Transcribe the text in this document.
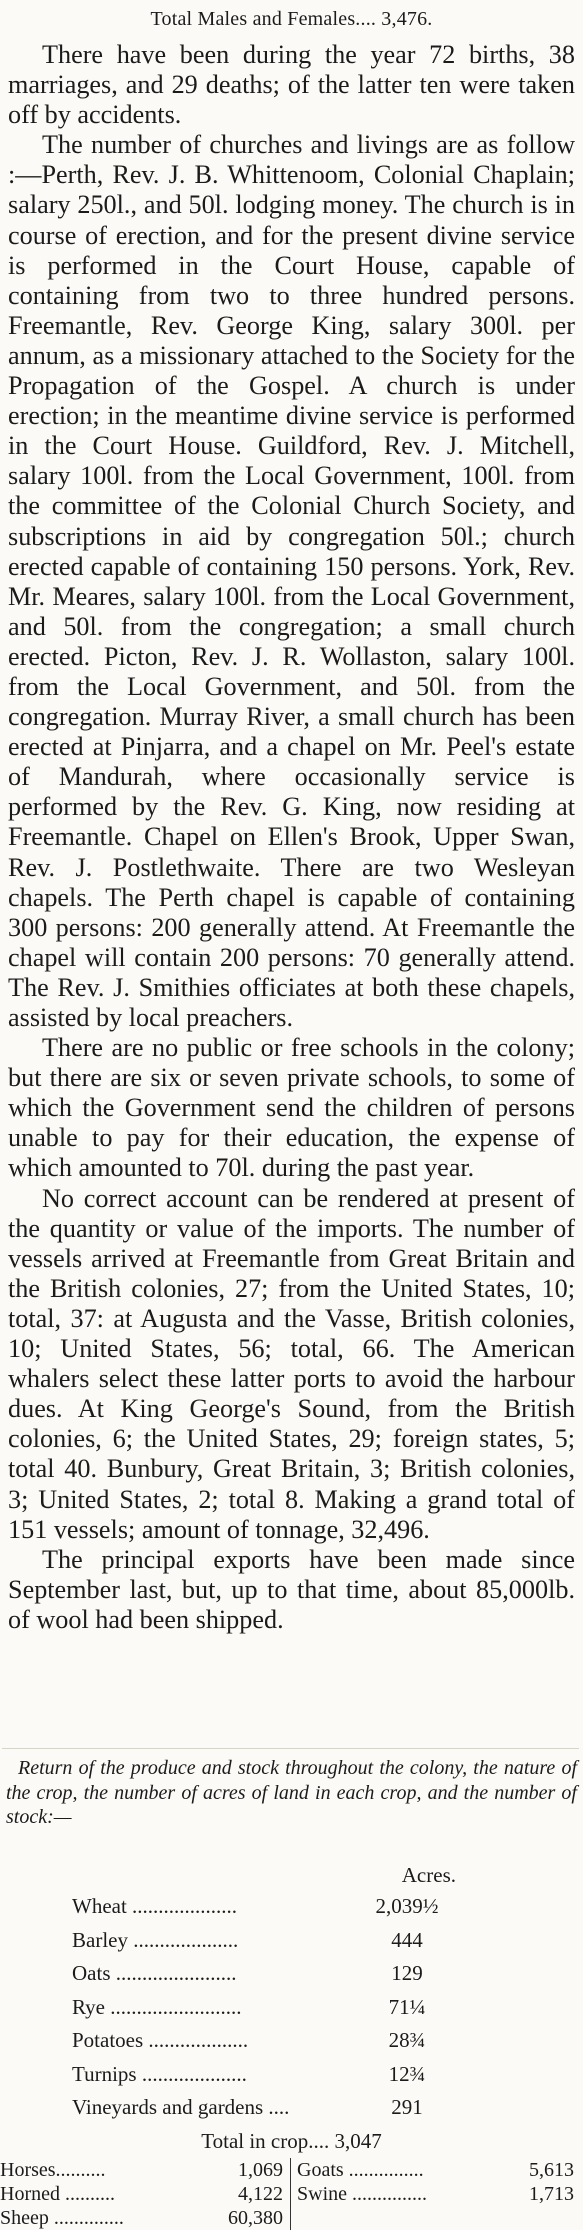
Total Males and Females.... 3,476.

There have been during the year 72 births, 38 marriages, and 29 deaths; of the latter ten were taken off by accidents.

The number of churches and livings are as follow :—Perth, Rev. J. B. Whittenoom, Colonial Chaplain; salary 250l., and 50l. lodging money. The church is in course of erection, and for the present divine service is performed in the Court House, capable of containing from two to three hundred persons. Freemantle, Rev. George King, salary 300l. per annum, as a missionary attached to the Society for the Propagation of the Gospel. A church is under erection; in the meantime divine service is performed in the Court House. Guildford, Rev. J. Mitchell, salary 100l. from the Local Government, 100l. from the committee of the Colonial Church Society, and subscriptions in aid by congregation 50l.; church erected capable of containing 150 persons. York, Rev. Mr. Meares, salary 100l. from the Local Government, and 50l. from the congregation; a small church erected. Picton, Rev. J. R. Wollaston, salary 100l. from the Local Government, and 50l. from the congregation. Murray River, a small church has been erected at Pinjarra, and a chapel on Mr. Peel's estate of Mandurah, where occasionally service is performed by the Rev. G. King, now residing at Freemantle. Chapel on Ellen's Brook, Upper Swan, Rev. J. Postlethwaite. There are two Wesleyan chapels. The Perth chapel is capable of containing 300 persons: 200 generally attend. At Freemantle the chapel will contain 200 persons: 70 generally attend. The Rev. J. Smithies officiates at both these chapels, assisted by local preachers.

There are no public or free schools in the colony; but there are six or seven private schools, to some of which the Government send the children of persons unable to pay for their education, the expense of which amounted to 70l. during the past year.

No correct account can be rendered at present of the quantity or value of the imports. The number of vessels arrived at Freemantle from Great Britain and the British colonies, 27; from the United States, 10; total, 37: at Augusta and the Vasse, British colonies, 10; United States, 56; total, 66. The American whalers select these latter ports to avoid the harbour dues. At King George's Sound, from the British colonies, 6; the United States, 29; foreign states, 5; total 40. Bunbury, Great Britain, 3; British colonies, 3; United States, 2; total 8. Making a grand total of 151 vessels; amount of tonnage, 32,496.

The principal exports have been made since September last, but, up to that time, about 85,000lb. of wool had been shipped.

Return of the produce and stock throughout the colony, the nature of the crop, the number of acres of land in each crop, and the number of stock:—
Acres.
Wheat ....................	2,039½
Barley ....................	444
Oats .......................	129
Rye .........................	71¼
Potatoes ...................	28¾
Turnips ....................	12¾
Vineyards and gardens ....	291
Total in crop.... 3,047
Horses..........	1,069
Horned ..........	4,122
Sheep ..............	60,380
Goats ...............	5,613
Swine ...............	1,713
